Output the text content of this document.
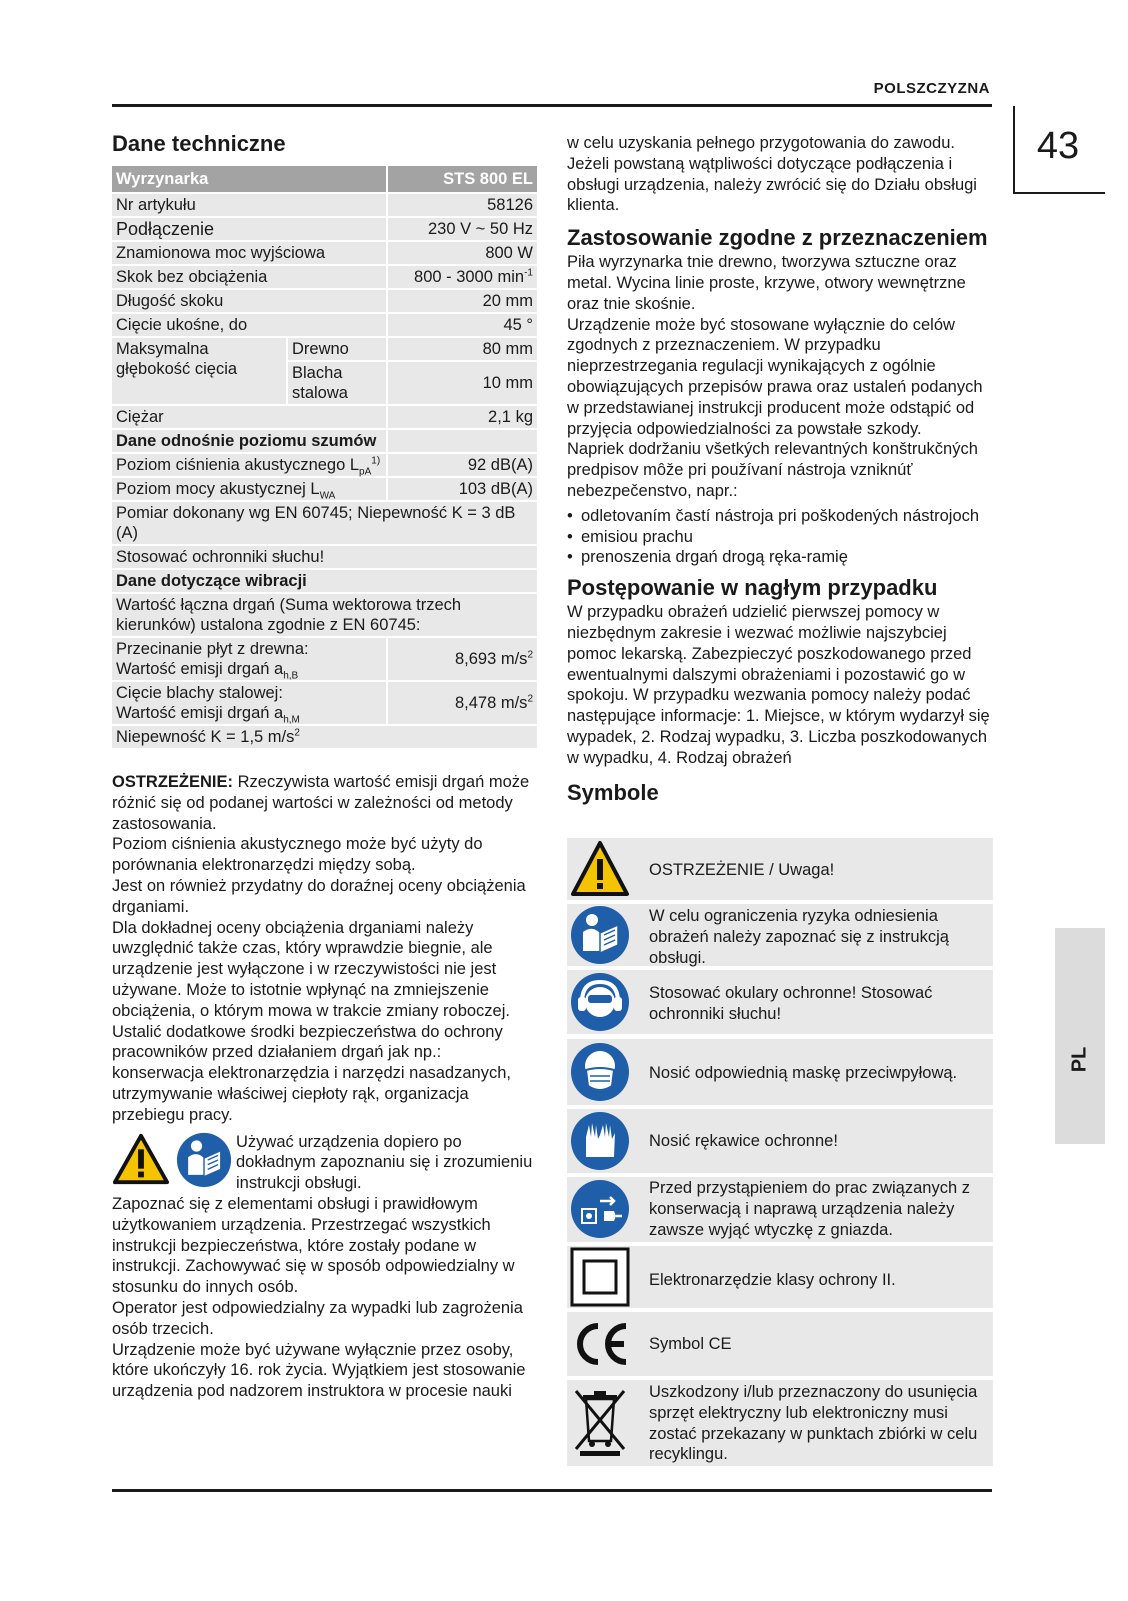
POLSZCZYZNA
43
PL
Dane techniczne
Wyrzynarka		STS 800 EL
Nr artykułu		58126
Podłączenie		230 V ~ 50 Hz
Znamionowa moc wyjściowa		800 W
Skok bez obciążenia		800 - 3000 $\min^{-1}$
Długość skoku		20 mm
Cięcie ukośne, do		45 °
Maksymalna głębokość cięcia	Drewno	80 mm
	Blacha stalowa	10 mm
Ciężar		2,1 kg
Dane odnośnie poziomu szumów		
Poziom ciśnienia akustycznego $L_{pA}^{1)}$		92 dB(A)
Poziom mocy akustycznej $L_{WA}$		103 dB(A)
Pomiar dokonany wg EN 60745; Niepewność K = 3 dB (A)		
Stosować ochronniki słuchu!		
Dane dotyczące wibracji		
Wartość łączna drgań (Suma wektorowa trzech kierunków) ustalona zgodnie z EN 60745:		

Przecinanie płyt z drewna:
Wartość emisji drgań $a_{h,B}$		8,693 $m/s^2$

Cięcie blachy stalowej:
Wartość emisji drgań $a_{h,M}$		8,478 $m/s^2$
Niepewność K = 1,5 $m/s^2$

OSTRZEŻENIE: Rzeczywista wartość emisji drgań może różnić się od podanej wartości w zależności od metody zastosowania.

Poziom ciśnienia akustycznego może być użyty do porównania elektronarzędzi między sobą.

Jest on również przydatny do doraźnej oceny obciążenia drganiami.

Dla dokładnej oceny obciążenia drganiami należy uwzględnić także czas, który wprawdzie biegnie, ale urządzenie jest wyłączone i w rzeczywistości nie jest używane. Może to istotnie wpłynąć na zmniejszenie obciążenia, o którym mowa w trakcie zmiany roboczej.

Ustalić dodatkowe środki bezpieczeństwa do ochrony pracowników przed działaniem drgań jak np.: konserwacja elektronarzędzia i narzędzi nasadzanych, utrzymywanie właściwej ciepłoty rąk, organizacja przebiegu pracy.

Używać urządzenia dopiero po dokładnym zapoznaniu się i zrozumieniu instrukcji obsługi.

Zapoznać się z elementami obsługi i prawidłowym użytkowaniem urządzenia. Przestrzegać wszystkich instrukcji bezpieczeństwa, które zostały podane w instrukcji. Zachowywać się w sposób odpowiedzialny w stosunku do innych osób.

Operator jest odpowiedzialny za wypadki lub zagrożenia osób trzecich.

Urządzenie może być używane wyłącznie przez osoby, które ukończyły 16. rok życia. Wyjątkiem jest stosowanie urządzenia pod nadzorem instruktora w procesie nauki

w celu uzyskania pełnego przygotowania do zawodu.

Jeżeli powstaną wątpliwości dotyczące podłączenia i obsługi urządzenia, należy zwrócić się do Działu obsługi klienta.

Zastosowanie zgodne z przeznaczeniem

Piła wyrzynarka tnie drewno, tworzywa sztuczne oraz metal. Wycina linie proste, krzywe, otwory wewnętrzne oraz tnie skośnie.

Urządzenie może być stosowane wyłącznie do celów zgodnych z przeznaczeniem. W przypadku nieprzestrzegania regulacji wynikających z ogólnie obowiązujących przepisów prawa oraz ustaleń podanych w przedstawianej instrukcji producent może odstąpić od przyjęcia odpowiedzialności za powstałe szkody.

Napriek dodržaniu všetkých relevantných konštrukčných predpisov môže pri používaní nástroja vzniknúť nebezpečenstvo, napr.:

• odletovaním častí nástroja pri poškodených nástrojoch
• emisiou prachu
• prenoszenia drgań drogą ręka-ramię
Postępowanie w nagłym przypadku

W przypadku obrażeń udzielić pierwszej pomocy w niezbędnym zakresie i wezwać możliwie najszybciej pomoc lekarską. Zabezpieczyć poszkodowanego przed ewentualnymi dalszymi obrażeniami i pozostawić go w spokoju. W przypadku wezwania pomocy należy podać następujące informacje: 1. Miejsce, w którym wydarzył się wypadek, 2. Rodzaj wypadku, 3. Liczba poszkodowanych w wypadku, 4. Rodzaj obrażeń

Symbole
OSTRZEŻENIE / Uwaga!
W celu ograniczenia ryzyka odniesienia obrażeń należy zapoznać się z instrukcją obsługi.
Stosować okulary ochronne! Stosować ochronniki słuchu!
Nosić odpowiednią maskę przeciwpyłową.
Nosić rękawice ochronne!
Przed przystąpieniem do prac związanych z konserwacją i naprawą urządzenia należy zawsze wyjąć wtyczkę z gniazda.
Elektronarzędzie klasy ochrony II.
Symbol CE
Uszkodzony i/lub przeznaczony do usunięcia sprzęt elektryczny lub elektroniczny musi zostać przekazany w punktach zbiórki w celu recyklingu.
